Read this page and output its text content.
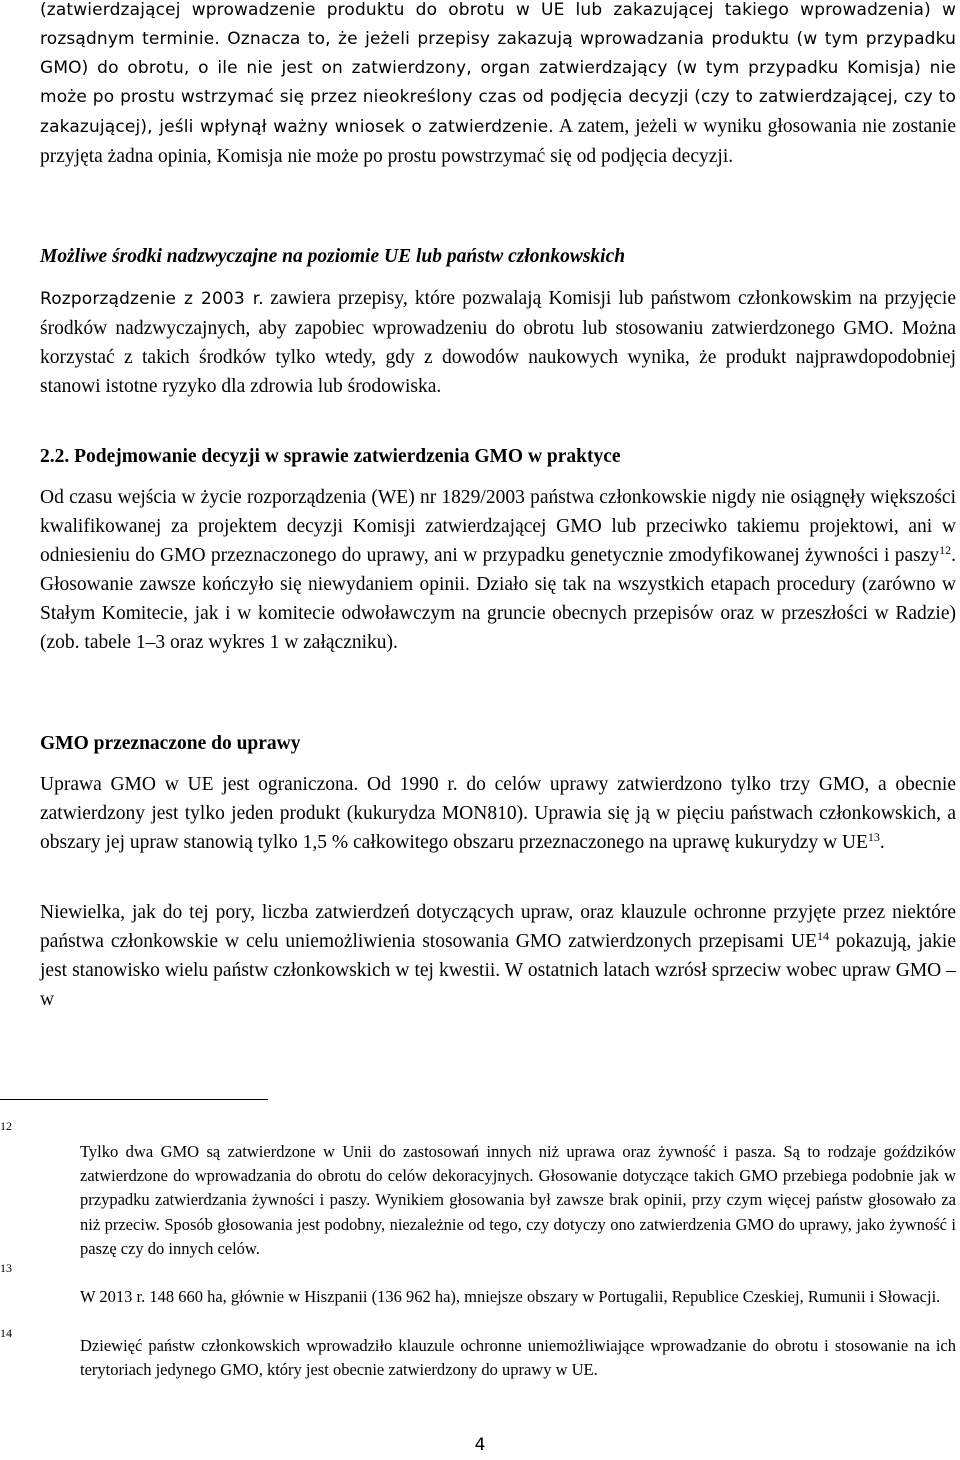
(zatwierdzającej wprowadzenie produktu do obrotu w UE lub zakazującej takiego wprowadzenia) w rozsądnym terminie. Oznacza to, że jeżeli przepisy zakazują wprowadzania produktu (w tym przypadku GMO) do obrotu, o ile nie jest on zatwierdzony, organ zatwierdzający (w tym przypadku Komisja) nie może po prostu wstrzymać się przez nieokreślony czas od podjęcia decyzji (czy to zatwierdzającej, czy to zakazującej), jeśli wpłynął ważny wniosek o zatwierdzenie. A zatem, jeżeli w wyniku głosowania nie zostanie przyjęta żadna opinia, Komisja nie może po prostu powstrzymać się od podjęcia decyzji.

Możliwe środki nadzwyczajne na poziomie UE lub państw członkowskich

Rozporządzenie z 2003 r. zawiera przepisy, które pozwalają Komisji lub państwom członkowskim na przyjęcie środków nadzwyczajnych, aby zapobiec wprowadzeniu do obrotu lub stosowaniu zatwierdzonego GMO. Można korzystać z takich środków tylko wtedy, gdy z dowodów naukowych wynika, że produkt najprawdopodobniej stanowi istotne ryzyko dla zdrowia lub środowiska.

2.2. Podejmowanie decyzji w sprawie zatwierdzenia GMO w praktyce

Od czasu wejścia w życie rozporządzenia (WE) nr 1829/2003 państwa członkowskie nigdy nie osiągnęły większości kwalifikowanej za projektem decyzji Komisji zatwierdzającej GMO lub przeciwko takiemu projektowi, ani w odniesieniu do GMO przeznaczonego do uprawy, ani w przypadku genetycznie zmodyfikowanej żywności i paszy$^{12}$. Głosowanie zawsze kończyło się niewydaniem opinii. Działo się tak na wszystkich etapach procedury (zarówno w Stałym Komitecie, jak i w komitecie odwoławczym na gruncie obecnych przepisów oraz w przeszłości w Radzie) (zob. tabele 1–3 oraz wykres 1 w załączniku).

GMO przeznaczone do uprawy

Uprawa GMO w UE jest ograniczona. Od 1990 r. do celów uprawy zatwierdzono tylko trzy GMO, a obecnie zatwierdzony jest tylko jeden produkt (kukurydza MON810). Uprawia się ją w pięciu państwach członkowskich, a obszary jej upraw stanowią tylko 1,5 % całkowitego obszaru przeznaczonego na uprawę kukurydzy w UE$^{13}$.

Niewielka, jak do tej pory, liczba zatwierdzeń dotyczących upraw, oraz klauzule ochronne przyjęte przez niektóre państwa członkowskie w celu uniemożliwienia stosowania GMO zatwierdzonych przepisami UE$^{14}$ pokazują, jakie jest stanowisko wielu państw członkowskich w tej kwestii. W ostatnich latach wzrósł sprzeciw wobec upraw GMO – w

12
Tylko dwa GMO są zatwierdzone w Unii do zastosowań innych niż uprawa oraz żywność i pasza. Są to rodzaje goździków zatwierdzone do wprowadzania do obrotu do celów dekoracyjnych. Głosowanie dotyczące takich GMO przebiega podobnie jak w przypadku zatwierdzania żywności i paszy. Wynikiem głosowania był zawsze brak opinii, przy czym więcej państw głosowało za niż przeciw. Sposób głosowania jest podobny, niezależnie od tego, czy dotyczy ono zatwierdzenia GMO do uprawy, jako żywność i paszę czy do innych celów.
13
W 2013 r. 148 660 ha, głównie w Hiszpanii (136 962 ha), mniejsze obszary w Portugalii, Republice Czeskiej, Rumunii i Słowacji.
14
Dziewięć państw członkowskich wprowadziło klauzule ochronne uniemożliwiające wprowadzanie do obrotu i stosowanie na ich terytoriach jedynego GMO, który jest obecnie zatwierdzony do uprawy w UE.
4
